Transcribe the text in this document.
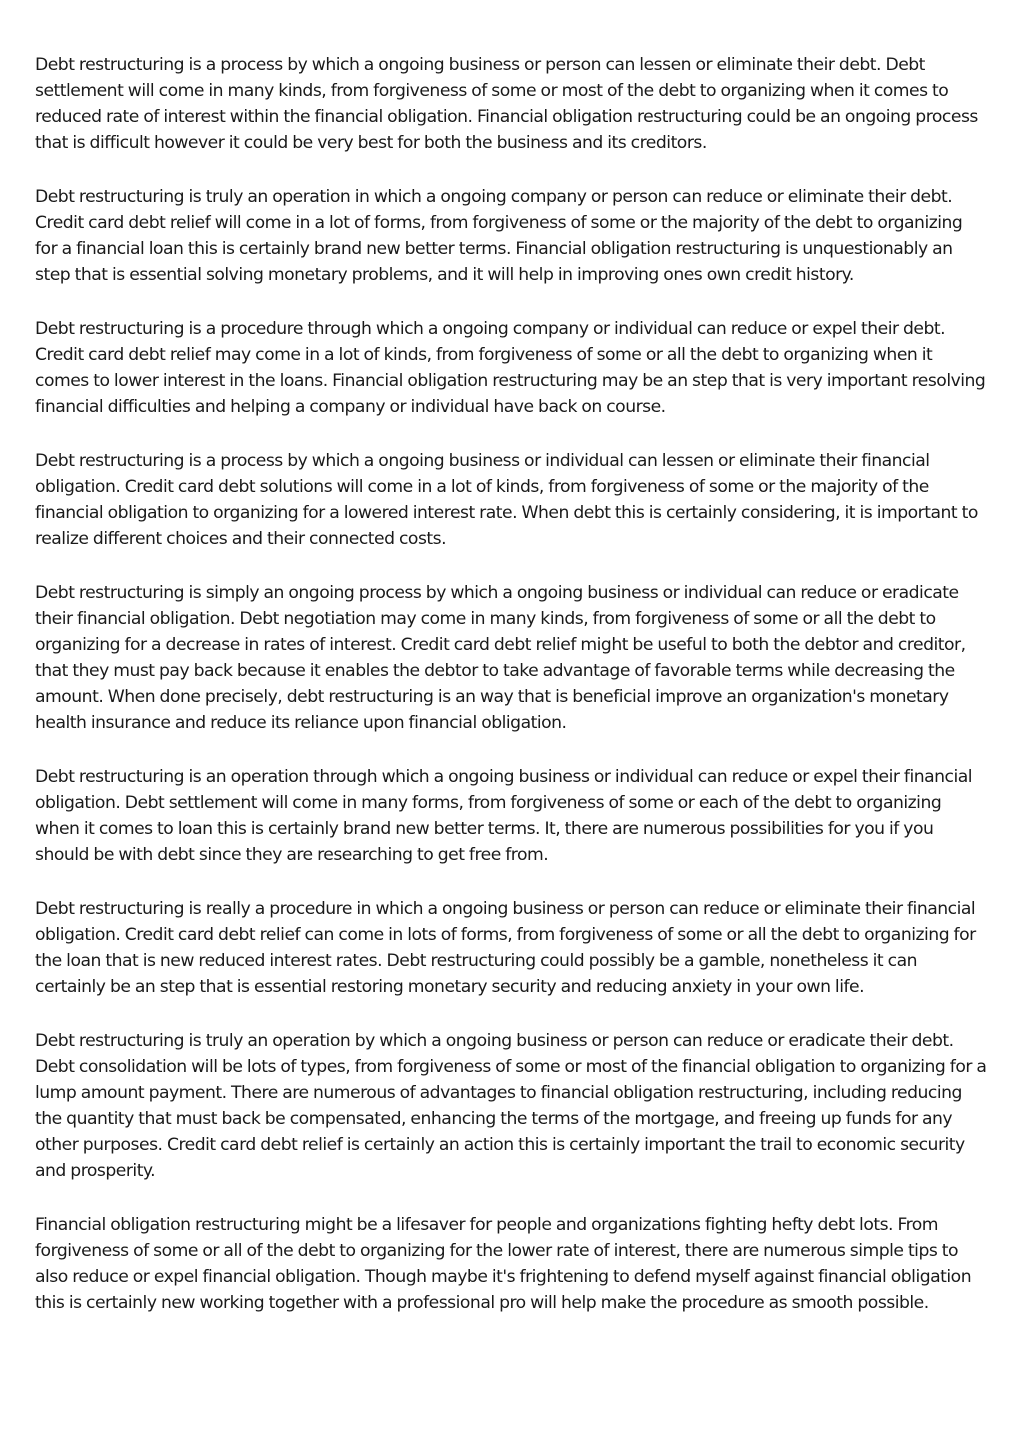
Debt restructuring is a process by which a ongoing business or person can lessen or eliminate their debt. Debt settlement will come in many kinds, from forgiveness of some or most of the debt to organizing when it comes to reduced rate of interest within the financial obligation. Financial obligation restructuring could be an ongoing process that is difficult however it could be very best for both the business and its creditors.

Debt restructuring is truly an operation in which a ongoing company or person can reduce or eliminate their debt. Credit card debt relief will come in a lot of forms, from forgiveness of some or the majority of the debt to organizing for a financial loan this is certainly brand new better terms. Financial obligation restructuring is unquestionably an step that is essential solving monetary problems, and it will help in improving ones own credit history.

Debt restructuring is a procedure through which a ongoing company or individual can reduce or expel their debt. Credit card debt relief may come in a lot of kinds, from forgiveness of some or all the debt to organizing when it comes to lower interest in the loans. Financial obligation restructuring may be an step that is very important resolving financial difficulties and helping a company or individual have back on course.

Debt restructuring is a process by which a ongoing business or individual can lessen or eliminate their financial obligation. Credit card debt solutions will come in a lot of kinds, from forgiveness of some or the majority of the financial obligation to organizing for a lowered interest rate. When debt this is certainly considering, it is important to realize different choices and their connected costs.

Debt restructuring is simply an ongoing process by which a ongoing business or individual can reduce or eradicate their financial obligation. Debt negotiation may come in many kinds, from forgiveness of some or all the debt to organizing for a decrease in rates of interest. Credit card debt relief might be useful to both the debtor and creditor, that they must pay back because it enables the debtor to take advantage of favorable terms while decreasing the amount. When done precisely, debt restructuring is an way that is beneficial improve an organization's monetary health insurance and reduce its reliance upon financial obligation.

Debt restructuring is an operation through which a ongoing business or individual can reduce or expel their financial obligation. Debt settlement will come in many forms, from forgiveness of some or each of the debt to organizing when it comes to loan this is certainly brand new better terms. It, there are numerous possibilities for you if you should be with debt since they are researching to get free from.

Debt restructuring is really a procedure in which a ongoing business or person can reduce or eliminate their financial obligation. Credit card debt relief can come in lots of forms, from forgiveness of some or all the debt to organizing for the loan that is new reduced interest rates. Debt restructuring could possibly be a gamble, nonetheless it can certainly be an step that is essential restoring monetary security and reducing anxiety in your own life.

Debt restructuring is truly an operation by which a ongoing business or person can reduce or eradicate their debt. Debt consolidation will be lots of types, from forgiveness of some or most of the financial obligation to organizing for a lump amount payment. There are numerous of advantages to financial obligation restructuring, including reducing the quantity that must back be compensated, enhancing the terms of the mortgage, and freeing up funds for any other purposes. Credit card debt relief is certainly an action this is certainly important the trail to economic security and prosperity.

Financial obligation restructuring might be a lifesaver for people and organizations fighting hefty debt lots. From forgiveness of some or all of the debt to organizing for the lower rate of interest, there are numerous simple tips to also reduce or expel financial obligation. Though maybe it's frightening to defend myself against financial obligation this is certainly new working together with a professional pro will help make the procedure as smooth possible.
